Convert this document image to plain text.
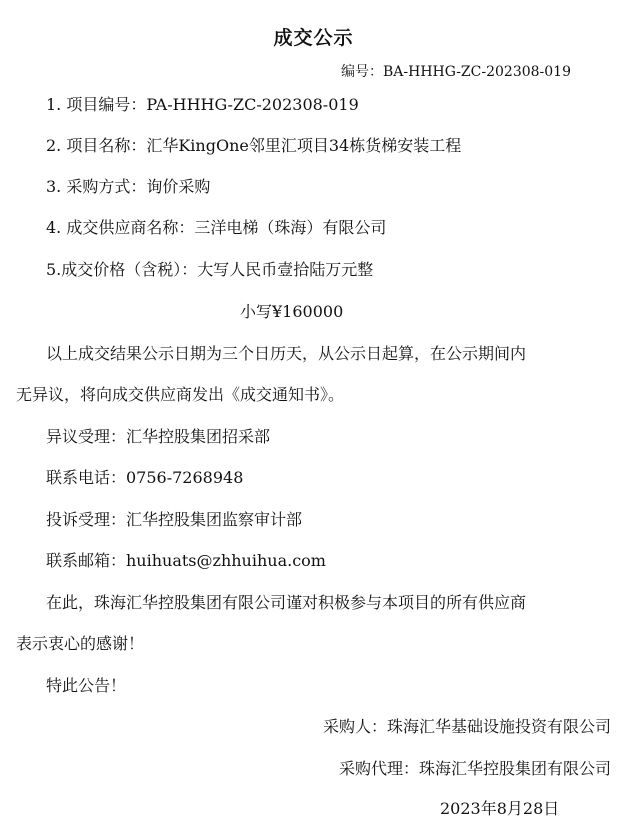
成交公示
编号：BA-HHHG-ZC-202308-019
1. 项目编号：PA-HHHG-ZC-202308-019
2. 项目名称：汇华KingOne邻里汇项目34栋货梯安装工程
3. 采购方式：询价采购
4. 成交供应商名称：三洋电梯（珠海）有限公司
5.成交价格（含税）：大写人民币壹拾陆万元整
小写¥160000
以上成交结果公示日期为三个日历天，从公示日起算，在公示期间内
无异议，将向成交供应商发出《成交通知书》。
异议受理：汇华控股集团招采部
联系电话：0756-7268948
投诉受理：汇华控股集团监察审计部
联系邮箱：huihuats@zhhuihua.com
在此，珠海汇华控股集团有限公司谨对积极参与本项目的所有供应商
表示衷心的感谢！
特此公告！
采购人：珠海汇华基础设施投资有限公司
采购代理：珠海汇华控股集团有限公司
2023年8月28日
